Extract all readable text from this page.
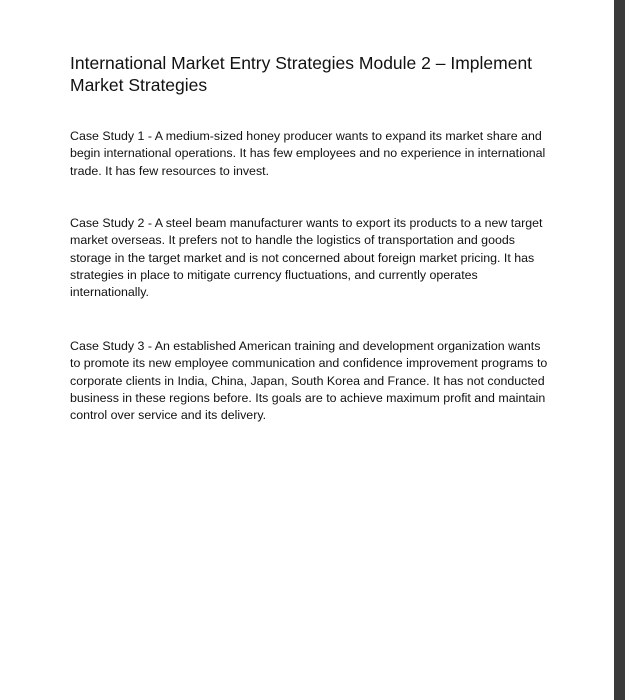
International Market Entry Strategies Module 2 – Implement Market Strategies

Case Study 1 - A medium-sized honey producer wants to expand its market share and begin international operations. It has few employees and no experience in international trade. It has few resources to invest.

Case Study 2 - A steel beam manufacturer wants to export its products to a new target market overseas. It prefers not to handle the logistics of transportation and goods storage in the target market and is not concerned about foreign market pricing. It has strategies in place to mitigate currency fluctuations, and currently operates internationally.

Case Study 3 - An established American training and development organization wants to promote its new employee communication and confidence improvement programs to corporate clients in India, China, Japan, South Korea and France. It has not conducted business in these regions before. Its goals are to achieve maximum profit and maintain control over service and its delivery.
